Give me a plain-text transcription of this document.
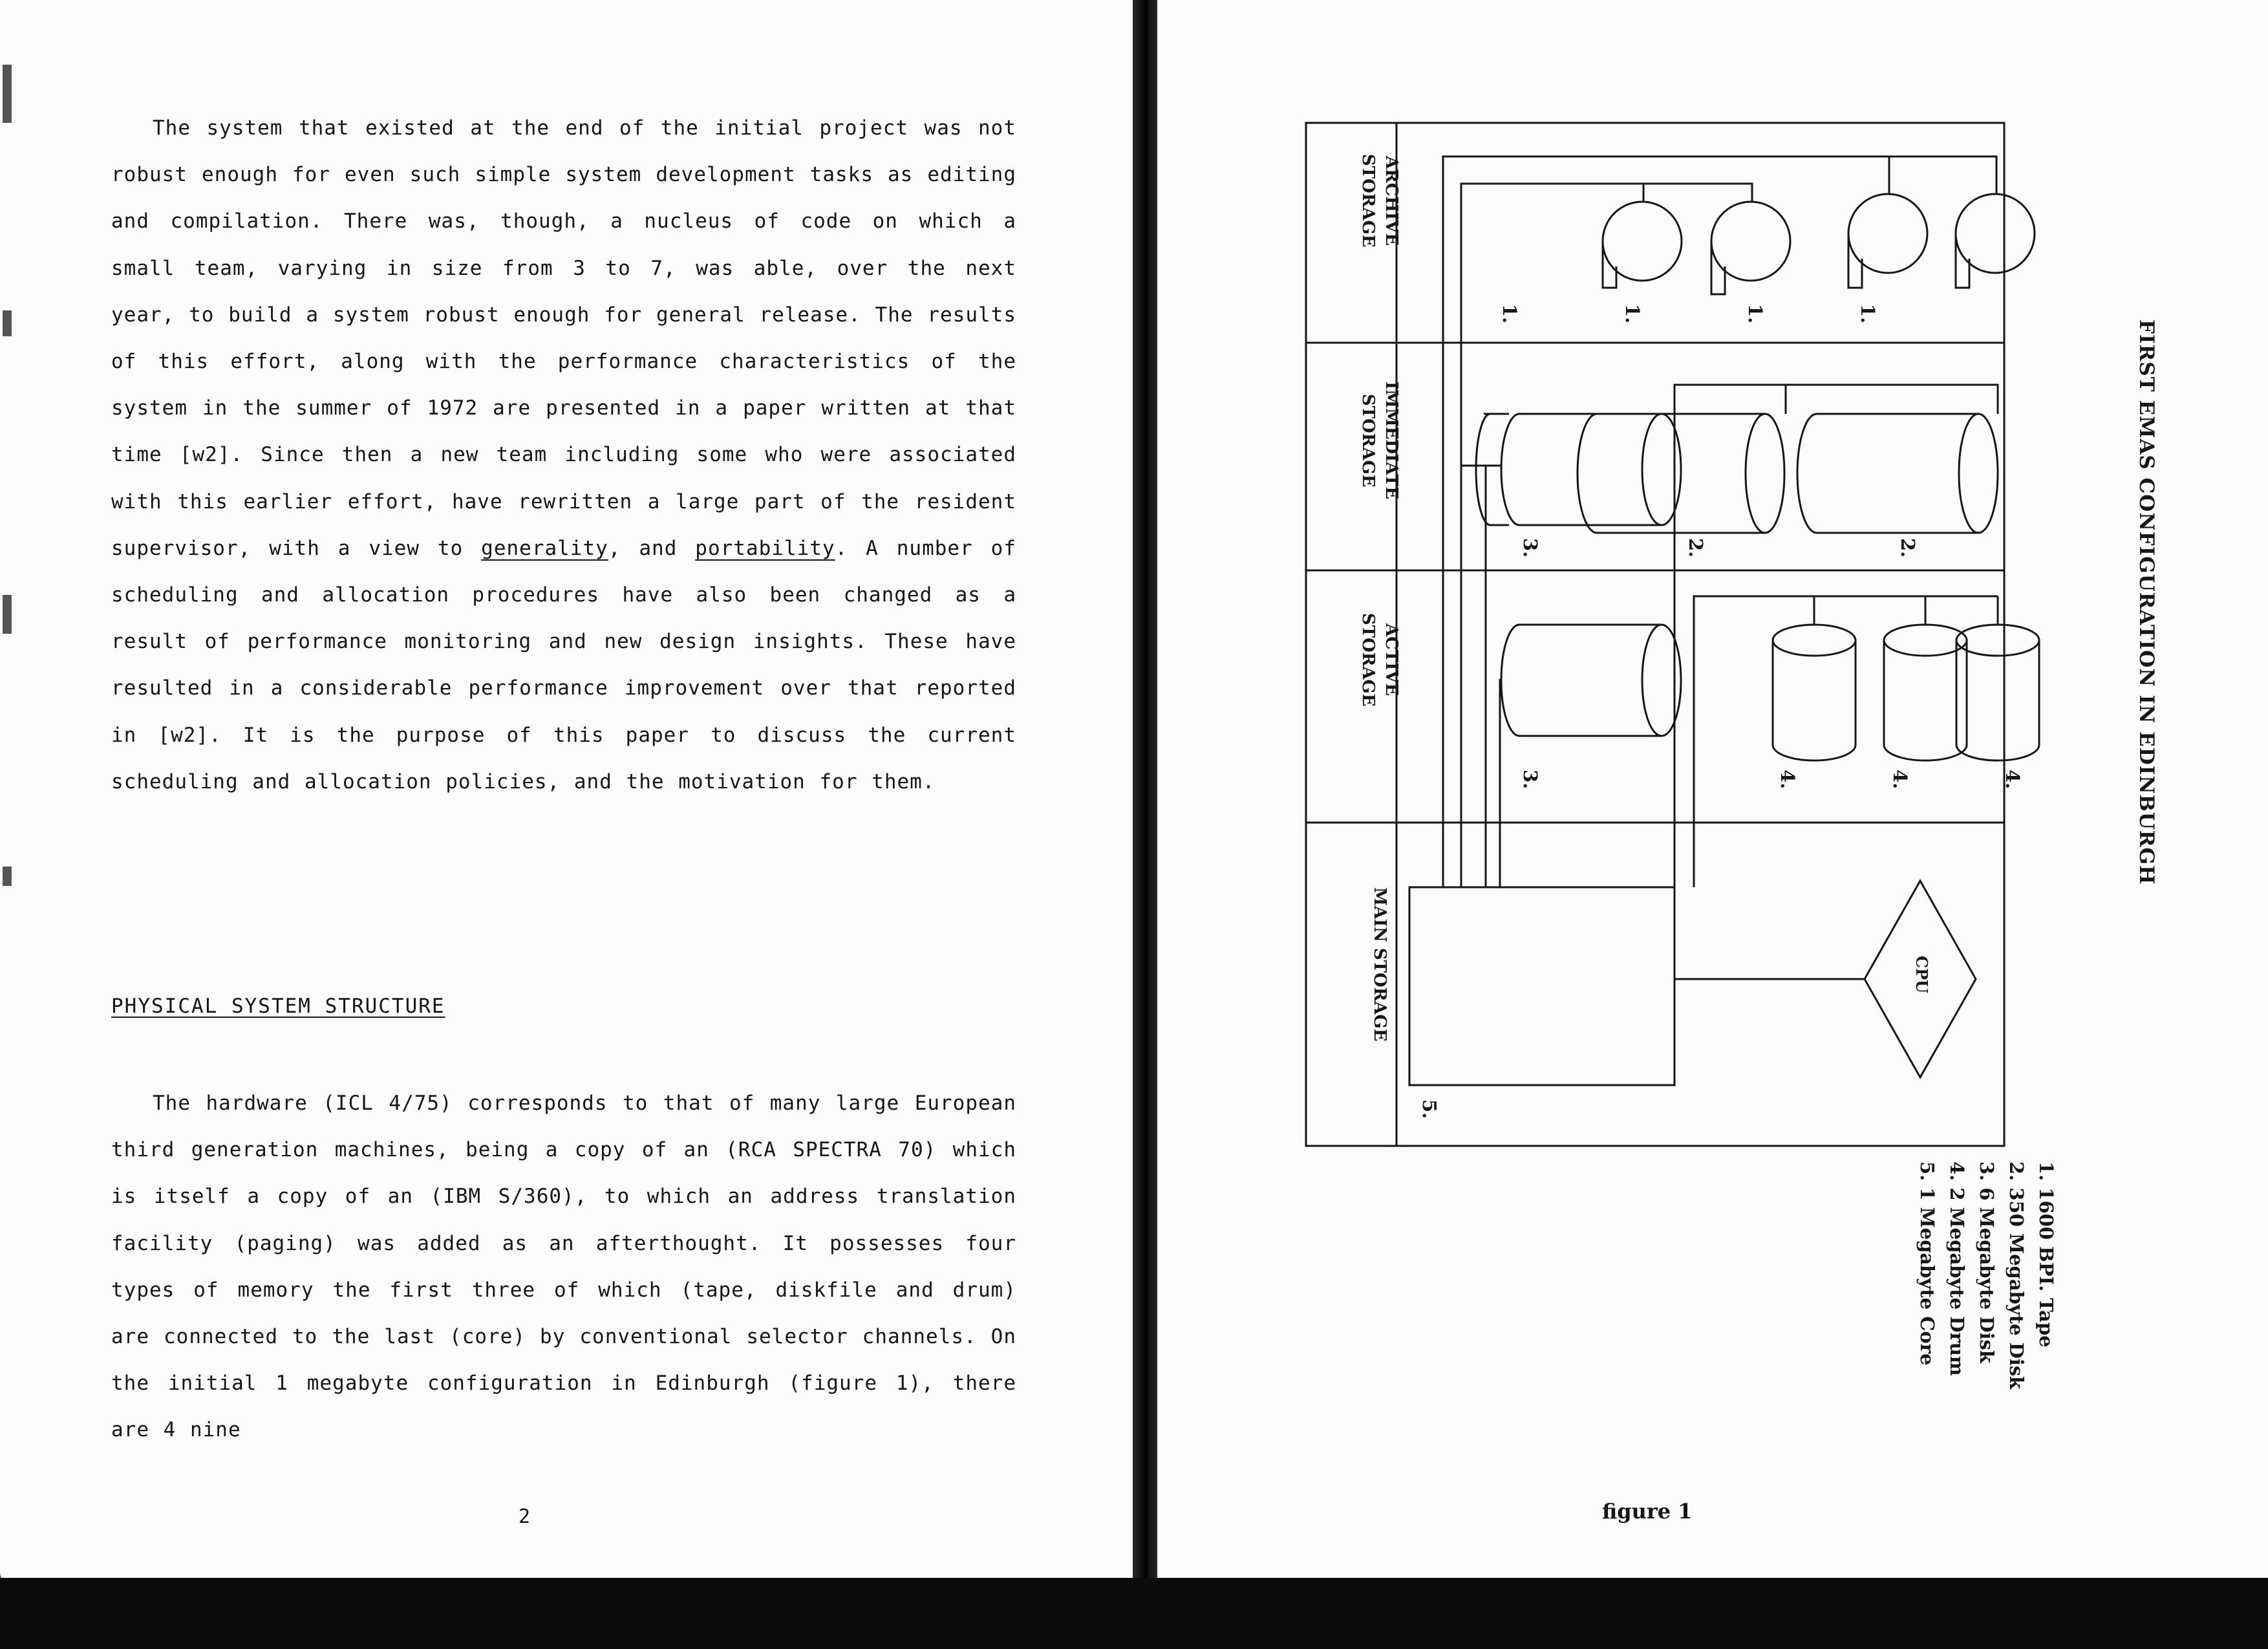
The system that existed at the end of the initial project was not robust enough for even such simple system development tasks as editing and compilation. There was, though, a nucleus of code on which a small team, varying in size from 3 to 7, was able, over the next year, to build a system robust enough for general release. The results of this effort, along with the performance characteristics of the system in the summer of 1972 are presented in a paper written at that time [w2]. Since then a new team including some who were associated with this earlier effort, have rewritten a large part of the resident supervisor, with a view to generality, and portability. A number of scheduling and allocation procedures have also been changed as a result of performance monitoring and new design insights. These have resulted in a considerable performance improvement over that reported in [w2]. It is the purpose of this paper to discuss the current scheduling and allocation policies, and the motivation for them.

PHYSICAL SYSTEM STRUCTURE

The hardware (ICL 4/75) corresponds to that of many large European third generation machines, being a copy of an (RCA SPECTRA 70) which is itself a copy of an (IBM S/360), to which an address translation facility (paging) was added as an afterthought. It possesses four types of memory the first three of which (tape, diskfile and drum) are connected to the last (core) by conventional selector channels. On the initial 1 megabyte configuration in Edinburgh (figure 1), there are 4 nine

2
FIRST EMAS CONFIGURATION IN EDINBURGH
ARCHIVE
STORAGE
IMMEDIATE
STORAGE
ACTIVE
STORAGE
MAIN STORAGE
1.	1.	1.	1.
3.	2.	2.
3.	4.	4.	4.
5.
CPU
1. 1600 BPI. Tape
2. 350 Megabyte Disk
3. 6 Megabyte Disk
4. 2 Megabyte Drum
5. 1 Megabyte Core
figure 1
